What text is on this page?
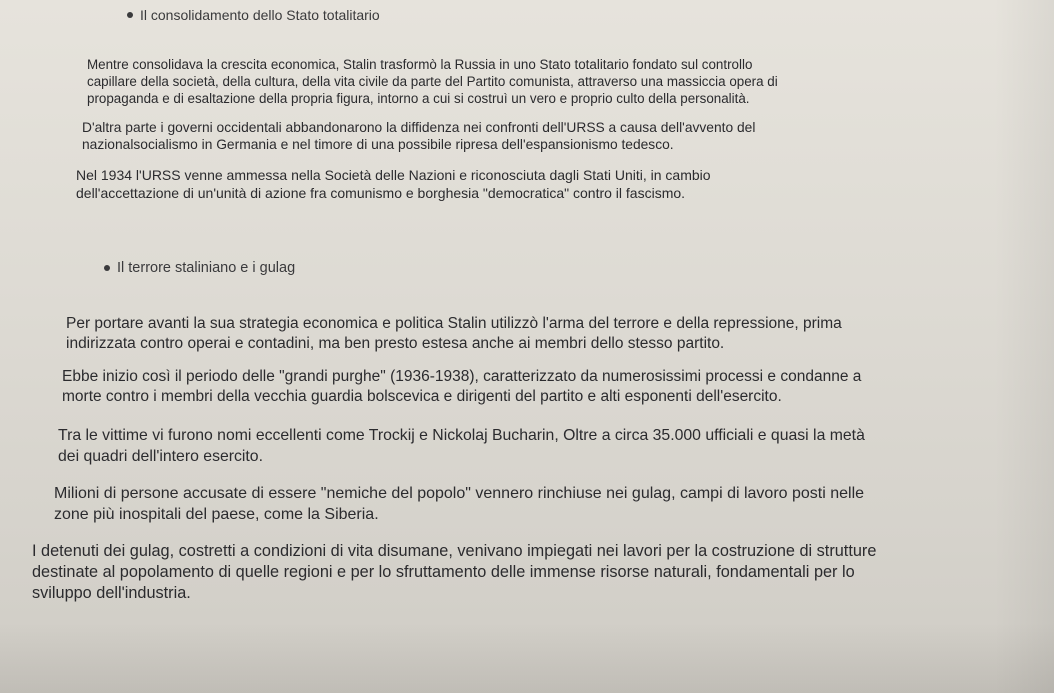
Il consolidamento dello Stato totalitario

Mentre consolidava la crescita economica, Stalin trasformò la Russia in uno Stato totalitario fondato sul controllo
capillare della società, della cultura, della vita civile da parte del Partito comunista, attraverso una massiccia opera di
propaganda e di esaltazione della propria figura, intorno a cui si costruì un vero e proprio culto della personalità.

D'altra parte i governi occidentali abbandonarono la diffidenza nei confronti dell'URSS a causa dell'avvento del
nazionalsocialismo in Germania e nel timore di una possibile ripresa dell'espansionismo tedesco.

Nel 1934 l'URSS venne ammessa nella Società delle Nazioni e riconosciuta dagli Stati Uniti, in cambio
dell'accettazione di un'unità di azione fra comunismo e borghesia "democratica" contro il fascismo.

Il terrore staliniano e i gulag

Per portare avanti la sua strategia economica e politica Stalin utilizzò l'arma del terrore e della repressione, prima
indirizzata contro operai e contadini, ma ben presto estesa anche ai membri dello stesso partito.

Ebbe inizio così il periodo delle "grandi purghe" (1936-1938), caratterizzato da numerosissimi processi e condanne a
morte contro i membri della vecchia guardia bolscevica e dirigenti del partito e alti esponenti dell'esercito.

Tra le vittime vi furono nomi eccellenti come Trockij e Nickolaj Bucharin, Oltre a circa 35.000 ufficiali e quasi la metà
dei quadri dell'intero esercito.

Milioni di persone accusate di essere "nemiche del popolo" vennero rinchiuse nei gulag, campi di lavoro posti nelle
zone più inospitali del paese, come la Siberia.

I detenuti dei gulag, costretti a condizioni di vita disumane, venivano impiegati nei lavori per la costruzione di strutture
destinate al popolamento di quelle regioni e per lo sfruttamento delle immense risorse naturali, fondamentali per lo
sviluppo dell'industria.
